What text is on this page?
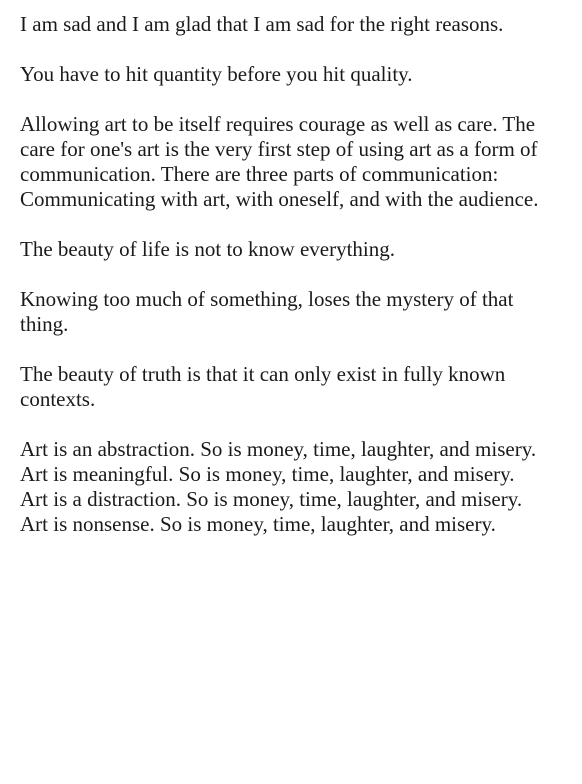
I am sad and I am glad that I am sad for the right reasons.

You have to hit quantity before you hit quality.

Allowing art to be itself requires courage as well as care. The care for one's art is the very first step of using art as a form of communication. There are three parts of communication: Communicating with art, with oneself, and with the audience.

The beauty of life is not to know everything.

Knowing too much of something, loses the mystery of that thing.

The beauty of truth is that it can only exist in fully known contexts.

Art is an abstraction. So is money, time, laughter, and misery.
Art is meaningful. So is money, time, laughter, and misery.
Art is a distraction. So is money, time, laughter, and misery.
Art is nonsense. So is money, time, laughter, and misery.
